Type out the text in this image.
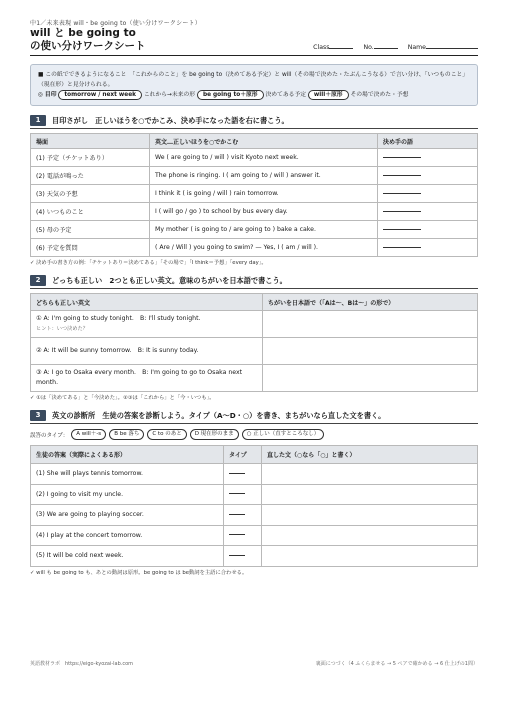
中1／未来表現 will・be going to（使い分けワークシート）
will と be going to
の使い分けワークシート	Class	No.	Name
■ この紙でできるようになること　「これからのこと」を be going to（決めてある予定）と will（その場で決めた・たぶんこうなる）で言い分け、「いつものこと」（現在形）と見分けられる。
◎ 目印 tomorrow / next week これから→未来の形 be going to＋原形 決めてある予定 will＋原形 その場で決めた・予想
1	目印さがし　正しいほうを○でかこみ、決め手になった語を右に書こう。
場面	英文…正しいほうを○でかこむ	決め手の語
(1) 予定（チケットあり）	We ( are going to / will ) visit Kyoto next week.	
(2) 電話が鳴った	The phone is ringing. I ( am going to / will ) answer it.	
(3) 天気の予想	I think it ( is going / will ) rain tomorrow.	
(4) いつものこと	I ( will go / go ) to school by bus every day.	
(5) 母の予定	My mother ( is going to / are going to ) bake a cake.	
(6) 予定を質問	( Are / Will ) you going to swim? — Yes, I ( am / will ).	
✓ 決め手の書き方の例：「チケットあり＝決めてある」「その場で」「I think＝予想」「every day」。
2	どっちも正しい　2つとも正しい英文。意味のちがいを日本語で書こう。
どちらも正しい英文	ちがいを日本語で（「Aは～、Bは～」の形で）

① A: I'm going to study tonight.　B: I'll study tonight.
ヒント：いつ決めた？	

② A: It will be sunny tomorrow.　B: It is sunny today.	

③ A: I go to Osaka every month.　B: I'm going to go to Osaka next month.	

✓ ①は「決めてある」と「今決めた」。②③は「これから」と「今・いつも」。
3	英文の診断所　生徒の答案を診断しよう。タイプ（A～D・○）を書き、まちがいなら直した文を書く。
誤答のタイプ：	A will＋-s	B be 落ち	C to のあと	D 現在形のまま	○ 正しい（直すところなし）
生徒の答案（実際によくある形）	タイプ	直した文（○なら「○」と書く）
(1) She will plays tennis tomorrow.		
(2) I going to visit my uncle.		
(3) We are going to playing soccer.		
(4) I play at the concert tomorrow.		
(5) It will be cold next week.		
✓ will も be going to も、あとの動詞は原形。be going to は be動詞を主語に合わせる。
英語教材ラボ　https://eigo-kyozai-lab.com	裏面につづく（4 ふくらませる → 5 ペアで確かめる → 6 仕上げの1問）
